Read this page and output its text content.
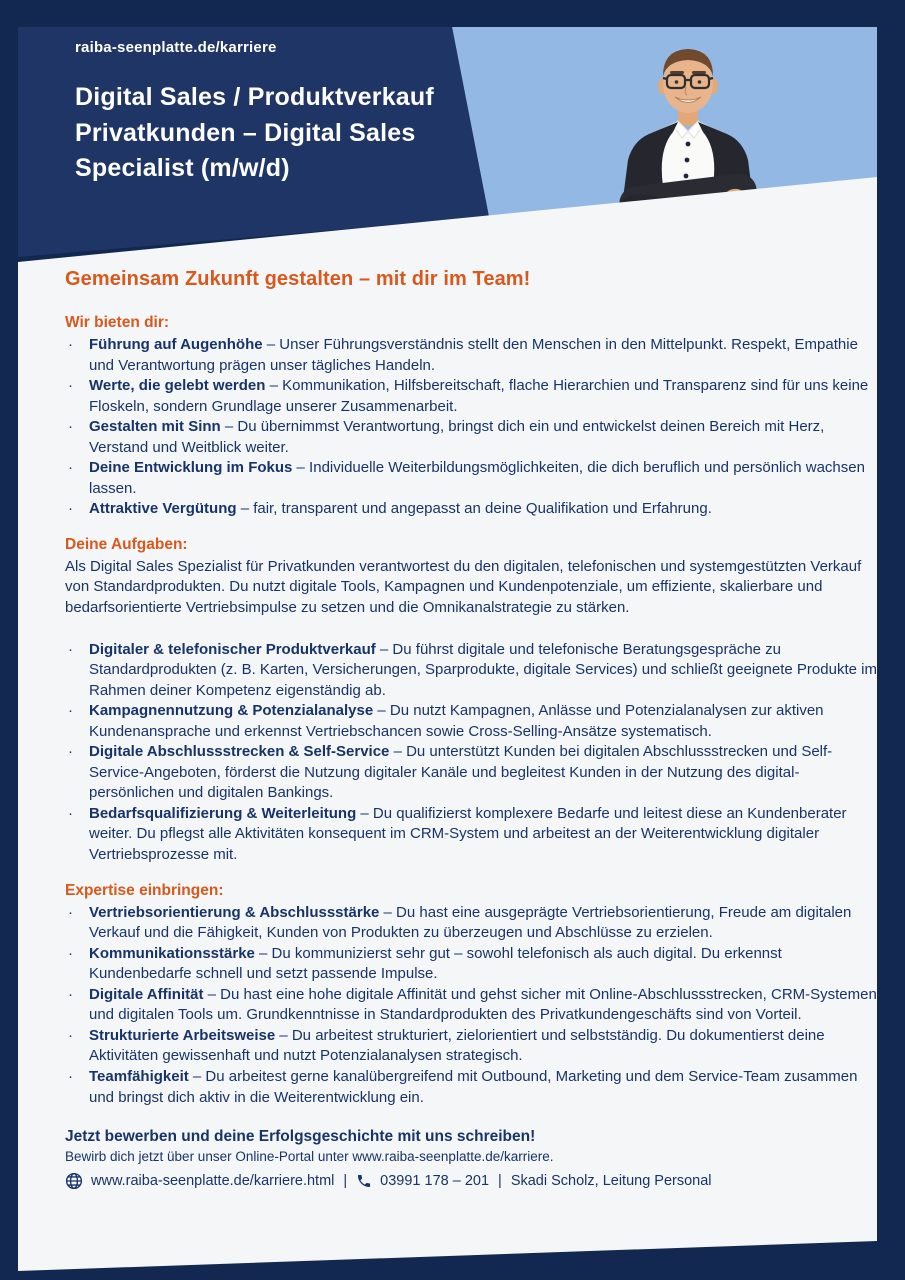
raiba-seenplatte.de/karriere
Digital Sales / Produktverkauf
Privatkunden – Digital Sales
Specialist (m/w/d)
Gemeinsam Zukunft gestalten – mit dir im Team!
Wir bieten dir:
·	Führung auf Augenhöhe – Unser Führungsverständnis stellt den Menschen in den Mittelpunkt. Respekt, Empathie und Verantwortung prägen unser tägliches Handeln.
·	Werte, die gelebt werden – Kommunikation, Hilfsbereitschaft, flache Hierarchien und Transparenz sind für uns keine Floskeln, sondern Grundlage unserer Zusammenarbeit.
·	Gestalten mit Sinn – Du übernimmst Verantwortung, bringst dich ein und entwickelst deinen Bereich mit Herz, Verstand und Weitblick weiter.
·	Deine Entwicklung im Fokus – Individuelle Weiterbildungsmöglichkeiten, die dich beruflich und persönlich wachsen lassen.
·	Attraktive Vergütung – fair, transparent und angepasst an deine Qualifikation und Erfahrung.
Deine Aufgaben:

Als Digital Sales Spezialist für Privatkunden verantwortest du den digitalen, telefonischen und systemgestützten Verkauf von Standardprodukten. Du nutzt digitale Tools, Kampagnen und Kundenpotenziale, um effiziente, skalierbare und bedarfsorientierte Vertriebsimpulse zu setzen und die Omnikanalstrategie zu stärken.

·	Digitaler & telefonischer Produktverkauf – Du führst digitale und telefonische Beratungsgespräche zu Standardprodukten (z. B. Karten, Versicherungen, Sparprodukte, digitale Services) und schließt geeignete Produkte im Rahmen deiner Kompetenz eigenständig ab.
·	Kampagnennutzung & Potenzialanalyse – Du nutzt Kampagnen, Anlässe und Potenzialanalysen zur aktiven Kundenansprache und erkennst Vertriebschancen sowie Cross-Selling-Ansätze systematisch.
·	Digitale Abschlussstrecken & Self-Service – Du unterstützt Kunden bei digitalen Abschlussstrecken und Self-Service-Angeboten, förderst die Nutzung digitaler Kanäle und begleitest Kunden in der Nutzung des digital-persönlichen und digitalen Bankings.
·	Bedarfsqualifizierung & Weiterleitung – Du qualifizierst komplexere Bedarfe und leitest diese an Kundenberater weiter. Du pflegst alle Aktivitäten konsequent im CRM-System und arbeitest an der Weiterentwicklung digitaler Vertriebsprozesse mit.
Expertise einbringen:
·	Vertriebsorientierung & Abschlussstärke – Du hast eine ausgeprägte Vertriebsorientierung, Freude am digitalen Verkauf und die Fähigkeit, Kunden von Produkten zu überzeugen und Abschlüsse zu erzielen.
·	Kommunikationsstärke – Du kommunizierst sehr gut – sowohl telefonisch als auch digital. Du erkennst Kundenbedarfe schnell und setzt passende Impulse.
·	Digitale Affinität – Du hast eine hohe digitale Affinität und gehst sicher mit Online-Abschlussstrecken, CRM-Systemen und digitalen Tools um. Grundkenntnisse in Standardprodukten des Privatkundengeschäfts sind von Vorteil.
·	Strukturierte Arbeitsweise – Du arbeitest strukturiert, zielorientiert und selbstständig. Du dokumentierst deine Aktivitäten gewissenhaft und nutzt Potenzialanalysen strategisch.
·	Teamfähigkeit – Du arbeitest gerne kanalübergreifend mit Outbound, Marketing und dem Service-Team zusammen und bringst dich aktiv in die Weiterentwicklung ein.
Jetzt bewerben und deine Erfolgsgeschichte mit uns schreiben!
Bewirb dich jetzt über unser Online-Portal unter www.raiba-seenplatte.de/karriere.
www.raiba-seenplatte.de/karriere.html | 03991 178 – 201 | Skadi Scholz, Leitung Personal
